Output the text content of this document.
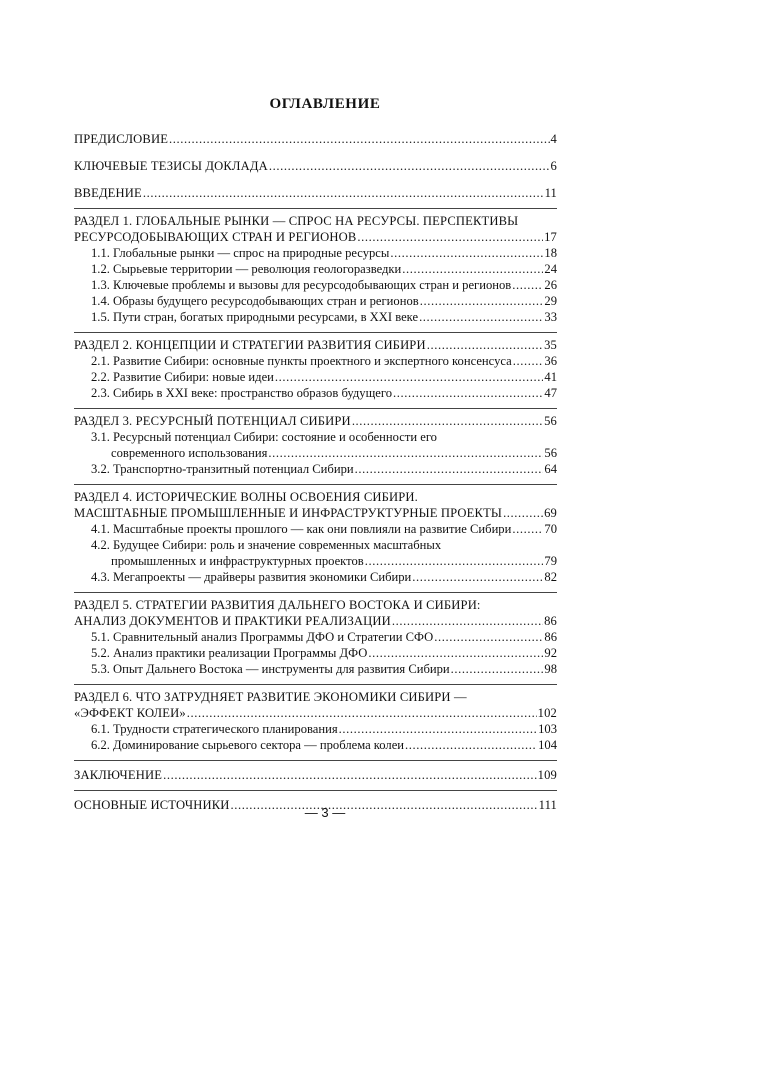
ОГЛАВЛЕНИЕ
ПРЕДИСЛОВИЕ .....	4
КЛЮЧЕВЫЕ ТЕЗИСЫ ДОКЛАДА .....	6
ВВЕДЕНИЕ .....	11
РАЗДЕЛ 1. ГЛОБАЛЬНЫЕ РЫНКИ — СПРОС НА РЕСУРСЫ. ПЕРСПЕКТИВЫ
РЕСУРСОДОБЫВАЮЩИХ СТРАН И РЕГИОНОВ .....	17
1.1. Глобальные рынки — спрос на природные ресурсы .....	18
1.2. Сырьевые территории — революция геологоразведки .....	24
1.3. Ключевые проблемы и вызовы для ресурсодобывающих стран и регионов .....	26
1.4. Образы будущего ресурсодобывающих стран и регионов .....	29
1.5. Пути стран, богатых природными ресурсами, в XXI веке .....	33
РАЗДЕЛ 2. КОНЦЕПЦИИ И СТРАТЕГИИ РАЗВИТИЯ СИБИРИ .....	35
2.1. Развитие Сибири: основные пункты проектного и экспертного консенсуса .....	36
2.2. Развитие Сибири: новые идеи .....	41
2.3. Сибирь в XXI веке: пространство образов будущего .....	47
РАЗДЕЛ 3. РЕСУРСНЫЙ ПОТЕНЦИАЛ СИБИРИ .....	56
3.1. Ресурсный потенциал Сибири: состояние и особенности его
современного использования .....	56
3.2. Транспортно-транзитный потенциал Сибири .....	64
РАЗДЕЛ 4. ИСТОРИЧЕСКИЕ ВОЛНЫ ОСВОЕНИЯ СИБИРИ.
МАСШТАБНЫЕ ПРОМЫШЛЕННЫЕ И ИНФРАСТРУКТУРНЫЕ ПРОЕКТЫ .....	69
4.1. Масштабные проекты прошлого — как они повлияли на развитие Сибири .....	70
4.2. Будущее Сибири: роль и значение современных масштабных
промышленных и инфраструктурных проектов .....	79
4.3. Мегапроекты — драйверы развития экономики Сибири .....	82
РАЗДЕЛ 5. СТРАТЕГИИ РАЗВИТИЯ ДАЛЬНЕГО ВОСТОКА И СИБИРИ:
АНАЛИЗ ДОКУМЕНТОВ И ПРАКТИКИ РЕАЛИЗАЦИИ .....	86
5.1. Сравнительный анализ Программы ДФО и Стратегии СФО .....	86
5.2. Анализ практики реализации Программы ДФО .....	92
5.3. Опыт Дальнего Востока — инструменты для развития Сибири .....	98
РАЗДЕЛ 6. ЧТО ЗАТРУДНЯЕТ РАЗВИТИЕ ЭКОНОМИКИ СИБИРИ —
«ЭФФЕКТ КОЛЕИ» .....	102
6.1. Трудности стратегического планирования .....	103
6.2. Доминирование сырьевого сектора — проблема колеи .....	104
ЗАКЛЮЧЕНИЕ .....	109
ОСНОВНЫЕ ИСТОЧНИКИ .....	111
— 3 —
